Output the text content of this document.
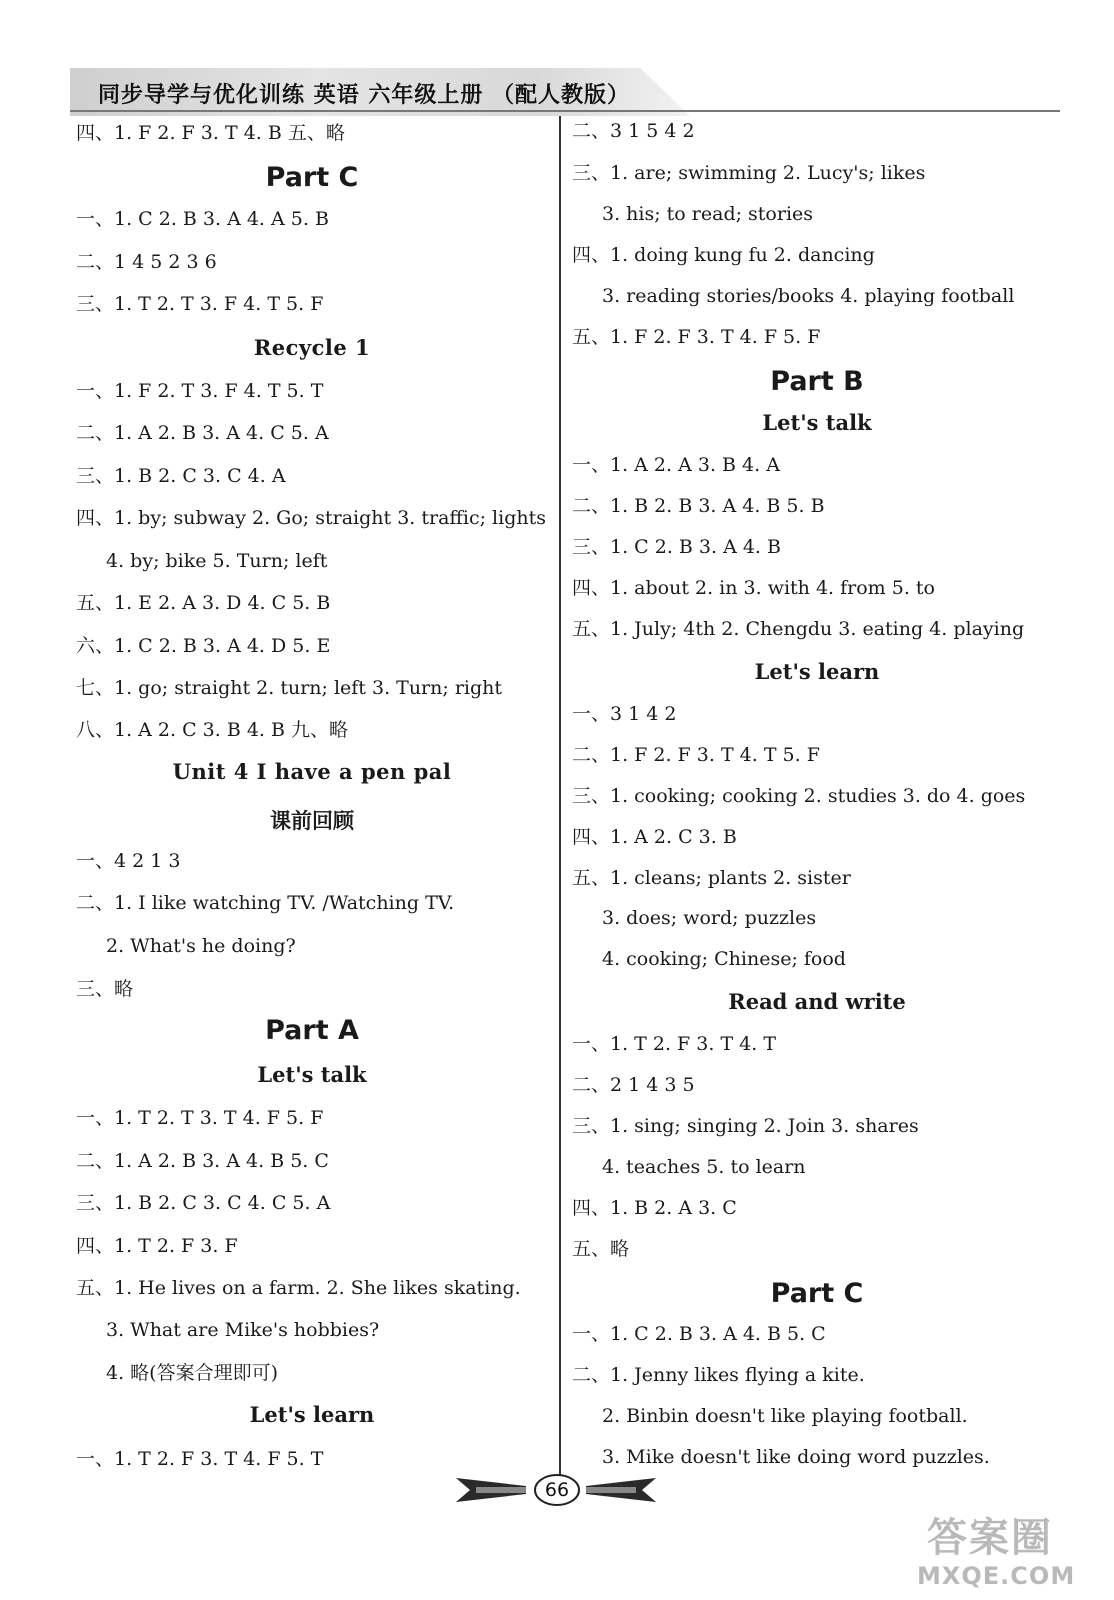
同步导学与优化训练 英语 六年级上册 （配人教版）
四、1. F 2. F 3. T 4. B 五、略
Part C
一、1. C 2. B 3. A 4. A 5. B
二、1 4 5 2 3 6
三、1. T 2. T 3. F 4. T 5. F
Recycle 1
一、1. F 2. T 3. F 4. T 5. T
二、1. A 2. B 3. A 4. C 5. A
三、1. B 2. C 3. C 4. A
四、1. by; subway 2. Go; straight 3. traffic; lights
4. by; bike 5. Turn; left
五、1. E 2. A 3. D 4. C 5. B
六、1. C 2. B 3. A 4. D 5. E
七、1. go; straight 2. turn; left 3. Turn; right
八、1. A 2. C 3. B 4. B 九、略
Unit 4 I have a pen pal
课前回顾
一、4 2 1 3
二、1. I like watching TV. /Watching TV.
2. What's he doing?
三、略
Part A
Let's talk
一、1. T 2. T 3. T 4. F 5. F
二、1. A 2. B 3. A 4. B 5. C
三、1. B 2. C 3. C 4. C 5. A
四、1. T 2. F 3. F
五、1. He lives on a farm. 2. She likes skating.
3. What are Mike's hobbies?
4. 略(答案合理即可)
Let's learn
一、1. T 2. F 3. T 4. F 5. T
二、3 1 5 4 2
三、1. are; swimming 2. Lucy's; likes
3. his; to read; stories
四、1. doing kung fu 2. dancing
3. reading stories/books 4. playing football
五、1. F 2. F 3. T 4. F 5. F
Part B
Let's talk
一、1. A 2. A 3. B 4. A
二、1. B 2. B 3. A 4. B 5. B
三、1. C 2. B 3. A 4. B
四、1. about 2. in 3. with 4. from 5. to
五、1. July; 4th 2. Chengdu 3. eating 4. playing
Let's learn
一、3 1 4 2
二、1. F 2. F 3. T 4. T 5. F
三、1. cooking; cooking 2. studies 3. do 4. goes
四、1. A 2. C 3. B
五、1. cleans; plants 2. sister
3. does; word; puzzles
4. cooking; Chinese; food
Read and write
一、1. T 2. F 3. T 4. T
二、2 1 4 3 5
三、1. sing; singing 2. Join 3. shares
4. teaches 5. to learn
四、1. B 2. A 3. C
五、略
Part C
一、1. C 2. B 3. A 4. B 5. C
二、1. Jenny likes flying a kite.
2. Binbin doesn't like playing football.
3. Mike doesn't like doing word puzzles.
66
答案圈
MXQE.COM
